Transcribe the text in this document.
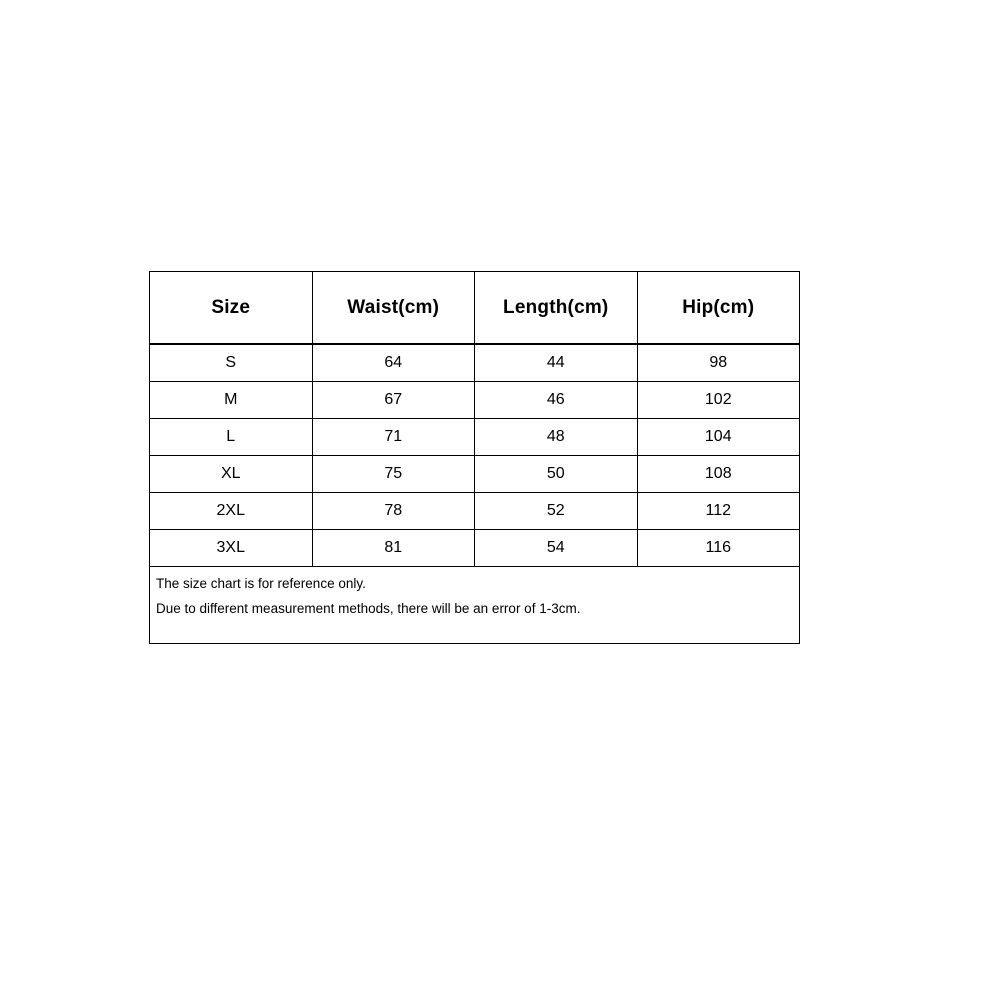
Size	Waist(cm)	Length(cm)	Hip(cm)
S	64	44	98
M	67	46	102
L	71	48	104
XL	75	50	108
2XL	78	52	112
3XL	81	54	116

The size chart is for reference only.
Due to different measurement methods, there will be an error of 1-3cm.			
